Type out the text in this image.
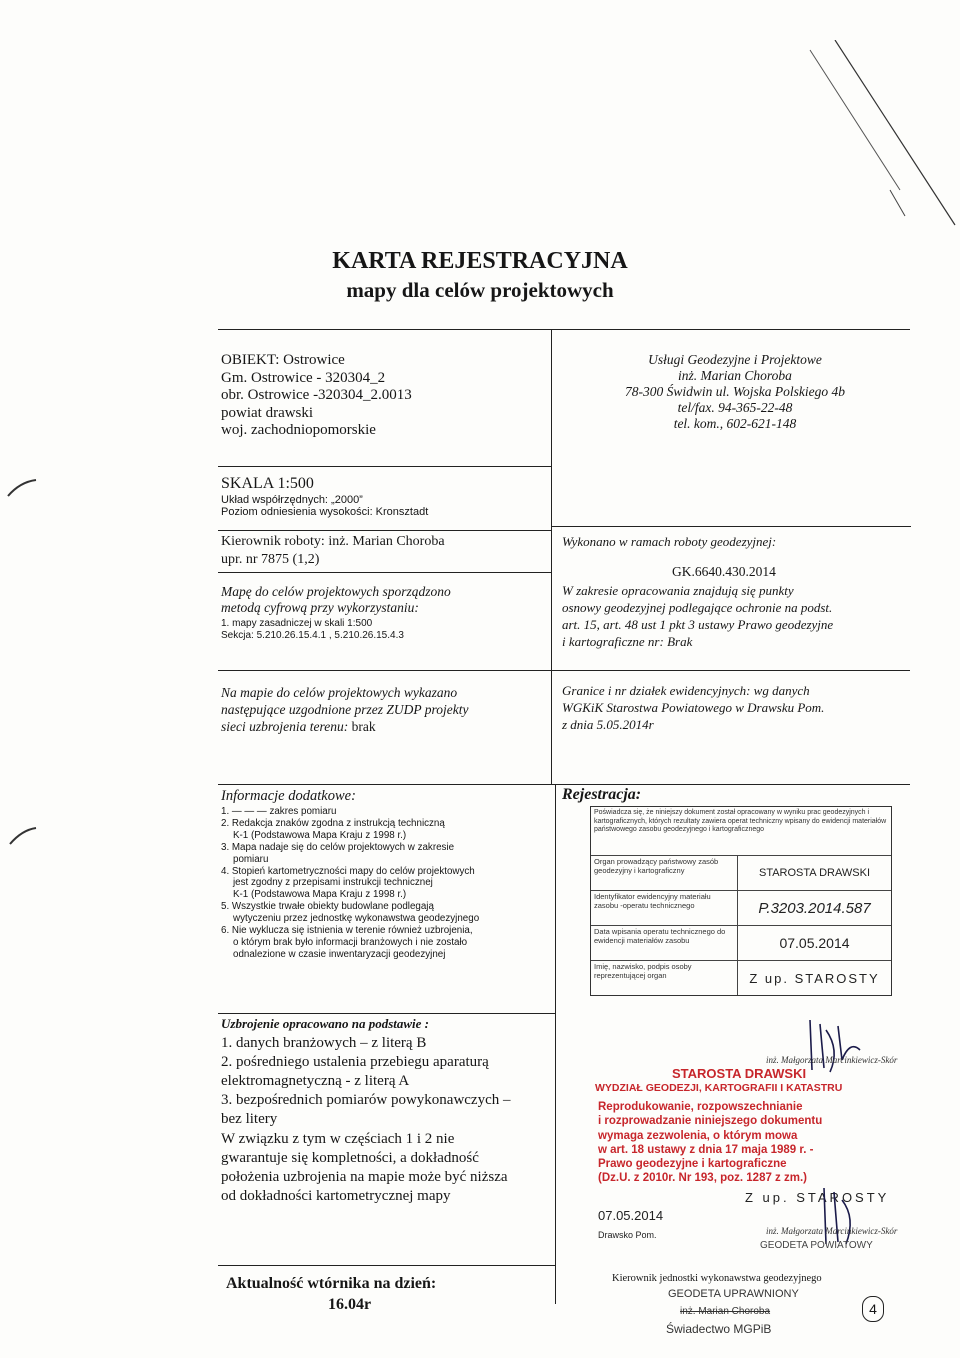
KARTA REJESTRACYJNA
mapy dla celów projektowych
OBIEKT: Ostrowice
Gm. Ostrowice - 320304_2
obr. Ostrowice -320304_2.0013
powiat drawski
woj. zachodniopomorskie
Usługi Geodezyjne i Projektowe
inż. Marian Choroba
78-300 Świdwin ul. Wojska Polskiego 4b
tel/fax. 94-365-22-48
tel. kom., 602-621-148
SKALA 1:500
Układ współrzędnych: „2000”
Poziom odniesienia wysokości: Kronsztadt
Kierownik roboty: inż. Marian Choroba
upr. nr 7875 (1,2)
Wykonano w ramach roboty geodezyjnej:
GK.6640.430.2014
Mapę do celów projektowych sporządzono
metodą cyfrową przy wykorzystaniu:
1. mapy zasadniczej w skali 1:500
Sekcja: 5.210.26.15.4.1 , 5.210.26.15.4.3
W zakresie opracowania znajdują się punkty
osnowy geodezyjnej podlegające ochronie na podst.
art. 15, art. 48 ust 1 pkt 3 ustawy Prawo geodezyjne
i kartograficzne nr: Brak
Na mapie do celów projektowych wykazano
następujące uzgodnione przez ZUDP projekty
sieci uzbrojenia terenu: brak
Granice i nr działek ewidencyjnych: wg danych
WGKiK Starostwa Powiatowego w Drawsku Pom.
z dnia 5.05.2014r
Informacje dodatkowe:
1. — — — zakres pomiaru
2. Redakcja znaków zgodna z instrukcją techniczną
K-1 (Podstawowa Mapa Kraju z 1998 r.)
3. Mapa nadaje się do celów projektowych w zakresie
pomiaru
4. Stopień kartometryczności mapy do celów projektowych
jest zgodny z przepisami instrukcji technicznej
K-1 (Podstawowa Mapa Kraju z 1998 r.)
5. Wszystkie trwałe obiekty budowlane podlegają
wytyczeniu przez jednostkę wykonawstwa geodezyjnego
6. Nie wyklucza się istnienia w terenie również uzbrojenia,
o którym brak było informacji branżowych i nie zostało
odnalezione w czasie inwentaryzacji geodezyjnej
Uzbrojenie opracowano na podstawie :
1. danych branżowych – z literą B
2. pośredniego ustalenia przebiegu aparaturą
elektromagnetyczną - z literą A
3. bezpośrednich pomiarów powykonawczych –
bez litery
W związku z tym w częściach 1 i 2 nie
gwarantuje się kompletności, a dokładność
położenia uzbrojenia na mapie może być niższa
od dokładności kartometrycznej mapy
Aktualność wtórnika na dzień:
16.04r
Rejestracja:
Poświadcza się, że niniejszy dokument został opracowany w wyniku prac geodezyjnych i kartograficznych, których rezultaty zawiera operat techniczny wpisany do ewidencji materiałów państwowego zasobu geodezyjnego i kartograficznego
Organ prowadzący państwowy zasób geodezyjny i kartograficzny	STAROSTA DRAWSKI
Identyfikator ewidencyjny materiału zasobu -operatu technicznego	P.3203.2014.587
Data wpisania operatu technicznego do ewidencji materiałów zasobu	07.05.2014
Imię, nazwisko, podpis osoby reprezentującej organ	Z up. STAROSTY
inż. Małgorzata Marcinkiewicz-Skór
STAROSTA DRAWSKI
WYDZIAŁ GEODEZJI, KARTOGRAFII I KATASTRU
Reprodukowanie, rozpowszechnianie
i rozprowadzanie niniejszego dokumentu
wymaga zezwolenia, o którym mowa
w art. 18 ustawy z dnia 17 maja 1989 r. -
Prawo geodezyjne i kartograficzne
(Dz.U. z 2010r. Nr 193, poz. 1287 z zm.)
Z up. STAROSTY
07.05.2014
Drawsko Pom.	inż. Małgorzata Marcinkiewicz-Skór
GEODETA POWIATOWY
Kierownik jednostki wykonawstwa geodezyjnego
GEODETA UPRAWNIONY
inż. Marian Choroba
Świadectwo MGPiB
4
